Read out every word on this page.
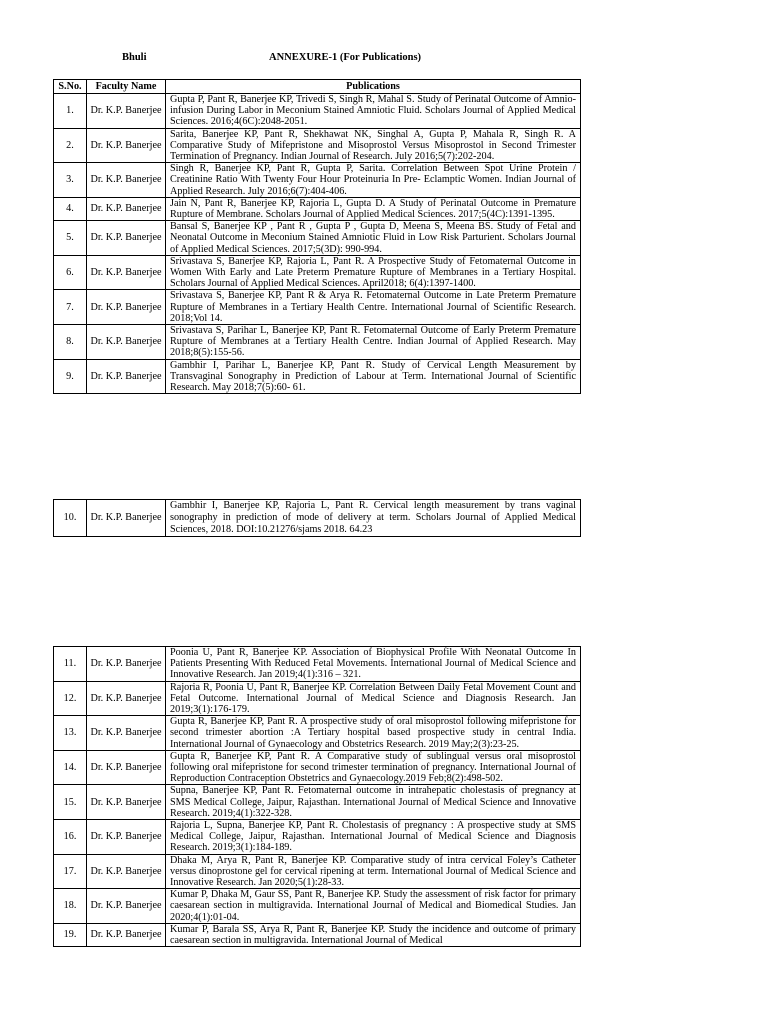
Bhuli	ANNEXURE-1 (For Publications)
S.No.	Faculty Name	Publications
1.	Dr. K.P. Banerjee	Gupta P, Pant R, Banerjee KP, Trivedi S, Singh R, Mahal S. Study of Perinatal Outcome of Amnio-infusion During Labor in Meconium Stained Amniotic Fluid. Scholars Journal of Applied Medical Sciences. 2016;4(6C):2048-2051.
2.	Dr. K.P. Banerjee	Sarita, Banerjee KP, Pant R, Shekhawat NK, Singhal A, Gupta P, Mahala R, Singh R. A Comparative Study of Mifepristone and Misoprostol Versus Misoprostol in Second Trimester Termination of Pregnancy. Indian Journal of Research. July 2016;5(7):202-204.
3.	Dr. K.P. Banerjee	Singh R, Banerjee KP, Pant R, Gupta P, Sarita. Correlation Between Spot Urine Protein / Creatinine Ratio With Twenty Four Hour Proteinuria In Pre- Eclamptic Women. Indian Journal of Applied Research. July 2016;6(7):404-406.
4.	Dr. K.P. Banerjee	Jain N, Pant R, Banerjee KP, Rajoria L, Gupta D. A Study of Perinatal Outcome in Premature Rupture of Membrane. Scholars Journal of Applied Medical Sciences. 2017;5(4C):1391-1395.
5.	Dr. K.P. Banerjee	Bansal S, Banerjee KP , Pant R , Gupta P , Gupta D, Meena S, Meena BS. Study of Fetal and Neonatal Outcome in Meconium Stained Amniotic Fluid in Low Risk Parturient. Scholars Journal of Applied Medical Sciences. 2017;5(3D): 990-994.
6.	Dr. K.P. Banerjee	Srivastava S, Banerjee KP, Rajoria L, Pant R. A Prospective Study of Fetomaternal Outcome in Women With Early and Late Preterm Premature Rupture of Membranes in a Tertiary Hospital. Scholars Journal of Applied Medical Sciences. April2018; 6(4):1397-1400.
7.	Dr. K.P. Banerjee	Srivastava S, Banerjee KP, Pant R & Arya R. Fetomaternal Outcome in Late Preterm Premature Rupture of Membranes in a Tertiary Health Centre. International Journal of Scientific Research. 2018;Vol 14.
8.	Dr. K.P. Banerjee	Srivastava S, Parihar L, Banerjee KP, Pant R. Fetomaternal Outcome of Early Preterm Premature Rupture of Membranes at a Tertiary Health Centre. Indian Journal of Applied Research. May 2018;8(5):155-56.
9.	Dr. K.P. Banerjee	Gambhir I, Parihar L, Banerjee KP, Pant R. Study of Cervical Length Measurement by Transvaginal Sonography in Prediction of Labour at Term. International Journal of Scientific Research. May 2018;7(5):60- 61.
10.	Dr. K.P. Banerjee	Gambhir I, Banerjee KP, Rajoria L, Pant R. Cervical length measurement by trans vaginal sonography in prediction of mode of delivery at term. Scholars Journal of Applied Medical Sciences, 2018. DOI:10.21276/sjams 2018. 64.23
11.	Dr. K.P. Banerjee	Poonia U, Pant R, Banerjee KP. Association of Biophysical Profile With Neonatal Outcome In Patients Presenting With Reduced Fetal Movements. International Journal of Medical Science and Innovative Research. Jan 2019;4(1):316 – 321.
12.	Dr. K.P. Banerjee	Rajoria R, Poonia U, Pant R, Banerjee KP. Correlation Between Daily Fetal Movement Count and Fetal Outcome. International Journal of Medical Science and Diagnosis Research. Jan 2019;3(1):176-179.
13.	Dr. K.P. Banerjee	Gupta R, Banerjee KP, Pant R. A prospective study of oral misoprostol following mifepristone for second trimester abortion :A Tertiary hospital based prospective study in central India. International Journal of Gynaecology and Obstetrics Research. 2019 May;2(3):23-25.
14.	Dr. K.P. Banerjee	Gupta R, Banerjee KP, Pant R. A Comparative study of sublingual versus oral misoprostol following oral mifepristone for second trimester termination of pregnancy. International Journal of Reproduction Contraception Obstetrics and Gynaecology.2019 Feb;8(2):498-502.
15.	Dr. K.P. Banerjee	Supna, Banerjee KP, Pant R. Fetomaternal outcome in intrahepatic cholestasis of pregnancy at SMS Medical College, Jaipur, Rajasthan. International Journal of Medical Science and Innovative Research. 2019;4(1):322-328.
16.	Dr. K.P. Banerjee	Rajoria L, Supna, Banerjee KP, Pant R. Cholestasis of pregnancy : A prospective study at SMS Medical College, Jaipur, Rajasthan. International Journal of Medical Science and Diagnosis Research. 2019;3(1):184-189.
17.	Dr. K.P. Banerjee	Dhaka M, Arya R, Pant R, Banerjee KP. Comparative study of intra cervical Foley’s Catheter versus dinoprostone gel for cervical ripening at term. International Journal of Medical Science and Innovative Research. Jan 2020;5(1):28-33.
18.	Dr. K.P. Banerjee	Kumar P, Dhaka M, Gaur SS, Pant R, Banerjee KP. Study the assessment of risk factor for primary caesarean section in multigravida. International Journal of Medical and Biomedical Studies. Jan 2020;4(1):01-04.
19.	Dr. K.P. Banerjee	Kumar P, Barala SS, Arya R, Pant R, Banerjee KP. Study the incidence and outcome of primary caesarean section in multigravida. International Journal of Medical
